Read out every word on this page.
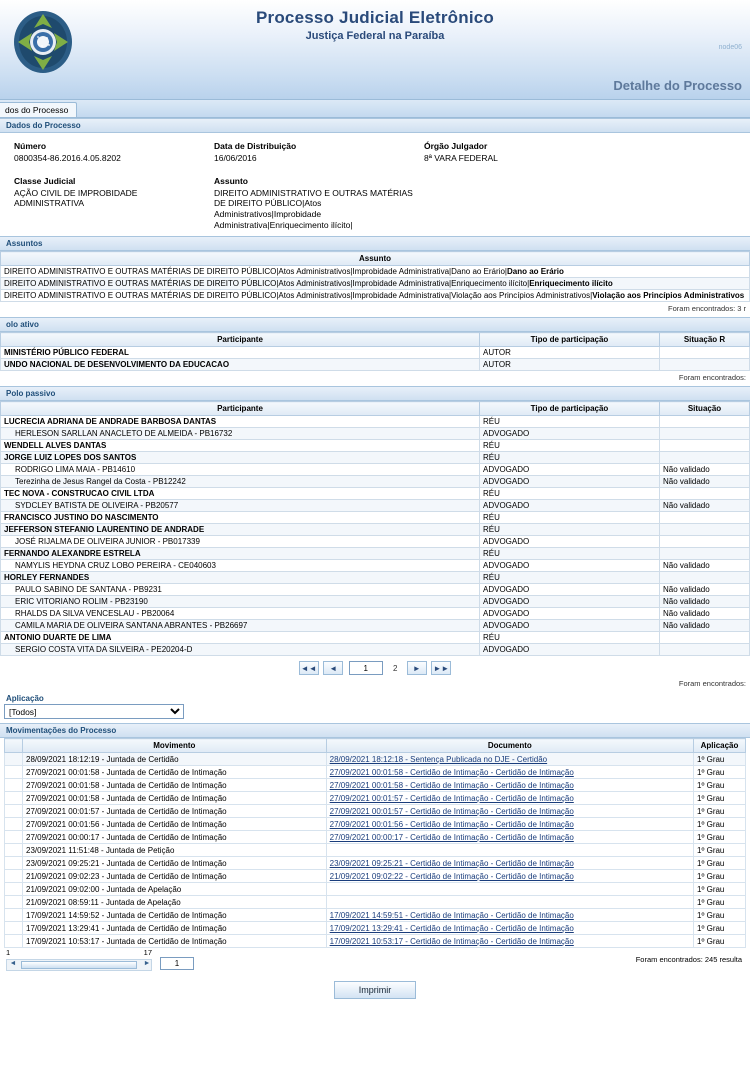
Processo Judicial Eletrônico
Justiça Federal na Paraíba
node06
Detalhe do Processo
dos do Processo
Dados do Processo
Número
0800354-86.2016.4.05.8202
Data de Distribuição
16/06/2016
Órgão Julgador
8ª VARA FEDERAL
Classe Judicial
AÇÃO CIVIL DE IMPROBIDADE ADMINISTRATIVA
Assunto
DIREITO ADMINISTRATIVO E OUTRAS MATÉRIAS DE DIREITO PÚBLICO|Atos Administrativos|Improbidade Administrativa|Enriquecimento ilícito|
Assuntos
Assunto
DIREITO ADMINISTRATIVO E OUTRAS MATÉRIAS DE DIREITO PÚBLICO|Atos Administrativos|Improbidade Administrativa|Dano ao Erário|Dano ao Erário
DIREITO ADMINISTRATIVO E OUTRAS MATÉRIAS DE DIREITO PÚBLICO|Atos Administrativos|Improbidade Administrativa|Enriquecimento ilícito|Enriquecimento ilícito
DIREITO ADMINISTRATIVO E OUTRAS MATÉRIAS DE DIREITO PÚBLICO|Atos Administrativos|Improbidade Administrativa|Violação aos Princípios Administrativos|Violação aos Princípios Administrativos
Foram encontrados: 3 r
olo ativo
Participante	Tipo de participação	Situação R
MINISTÉRIO PÚBLICO FEDERAL	AUTOR	
UNDO NACIONAL DE DESENVOLVIMENTO DA EDUCACAO	AUTOR	
Foram encontrados:
Polo passivo
Participante	Tipo de participação	Situação
LUCRECIA ADRIANA DE ANDRADE BARBOSA DANTAS	RÉU	
HERLESON SARLLAN ANACLETO DE ALMEIDA - PB16732	ADVOGADO	
WENDELL ALVES DANTAS	RÉU	
JORGE LUIZ LOPES DOS SANTOS	RÉU	
RODRIGO LIMA MAIA - PB14610	ADVOGADO	Não validado
Terezinha de Jesus Rangel da Costa - PB12242	ADVOGADO	Não validado
TEC NOVA - CONSTRUCAO CIVIL LTDA	RÉU	
SYDCLEY BATISTA DE OLIVEIRA - PB20577	ADVOGADO	Não validado
FRANCISCO JUSTINO DO NASCIMENTO	RÉU	
JEFFERSON STEFANIO LAURENTINO DE ANDRADE	RÉU	
JOSÉ RIJALMA DE OLIVEIRA JUNIOR - PB017339	ADVOGADO	
FERNANDO ALEXANDRE ESTRELA	RÉU	
NAMYLIS HEYDNA CRUZ LOBO PEREIRA - CE040603	ADVOGADO	Não validado
HORLEY FERNANDES	RÉU	
PAULO SABINO DE SANTANA - PB9231	ADVOGADO	Não validado
ERIC VITORIANO ROLIM - PB23190	ADVOGADO	Não validado
RHALDS DA SILVA VENCESLAU - PB20064	ADVOGADO	Não validado
CAMILA MARIA DE OLIVEIRA SANTANA ABRANTES - PB26697	ADVOGADO	Não validado
ANTONIO DUARTE DE LIMA	RÉU	
SERGIO COSTA VITA DA SILVEIRA - PE20204-D	ADVOGADO	
◄◄ ◄ 1	2 ► ►►
Foram encontrados:
Aplicação
[Todos]
Movimentações do Processo
	Movimento	Documento	Aplicação
	28/09/2021 18:12:19 - Juntada de Certidão	28/09/2021 18:12:18 - Sentença Publicada no DJE - Certidão	1º Grau
	27/09/2021 00:01:58 - Juntada de Certidão de Intimação	27/09/2021 00:01:58 - Certidão de Intimação - Certidão de Intimação	1º Grau
	27/09/2021 00:01:58 - Juntada de Certidão de Intimação	27/09/2021 00:01:58 - Certidão de Intimação - Certidão de Intimação	1º Grau
	27/09/2021 00:01:58 - Juntada de Certidão de Intimação	27/09/2021 00:01:57 - Certidão de Intimação - Certidão de Intimação	1º Grau
	27/09/2021 00:01:57 - Juntada de Certidão de Intimação	27/09/2021 00:01:57 - Certidão de Intimação - Certidão de Intimação	1º Grau
	27/09/2021 00:01:56 - Juntada de Certidão de Intimação	27/09/2021 00:01:56 - Certidão de Intimação - Certidão de Intimação	1º Grau
	27/09/2021 00:00:17 - Juntada de Certidão de Intimação	27/09/2021 00:00:17 - Certidão de Intimação - Certidão de Intimação	1º Grau
	23/09/2021 11:51:48 - Juntada de Petição		1º Grau
	23/09/2021 09:25:21 - Juntada de Certidão de Intimação	23/09/2021 09:25:21 - Certidão de Intimação - Certidão de Intimação	1º Grau
	21/09/2021 09:02:23 - Juntada de Certidão de Intimação	21/09/2021 09:02:22 - Certidão de Intimação - Certidão de Intimação	1º Grau
	21/09/2021 09:02:00 - Juntada de Apelação		1º Grau
	21/09/2021 08:59:11 - Juntada de Apelação		1º Grau
	17/09/2021 14:59:52 - Juntada de Certidão de Intimação	17/09/2021 14:59:51 - Certidão de Intimação - Certidão de Intimação	1º Grau
	17/09/2021 13:29:41 - Juntada de Certidão de Intimação	17/09/2021 13:29:41 - Certidão de Intimação - Certidão de Intimação	1º Grau
	17/09/2021 10:53:17 - Juntada de Certidão de Intimação	17/09/2021 10:53:17 - Certidão de Intimação - Certidão de Intimação	1º Grau
1	17
◄	►
1	Foram encontrados: 245 resulta
Imprimir
